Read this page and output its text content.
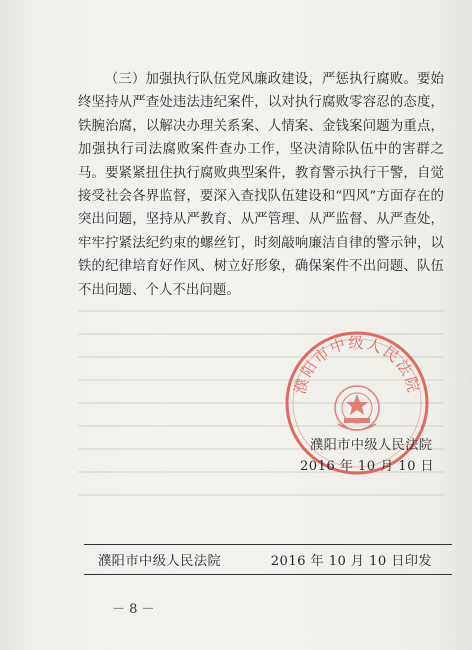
（三）加强执行队伍党风廉政建设，严惩执行腐败。要始终坚持从严查处违法违纪案件，以对执行腐败零容忍的态度，铁腕治腐，以解决办理关系案、人情案、金钱案问题为重点，加强执行司法腐败案件查办工作，坚决清除队伍中的害群之马。要紧紧扭住执行腐败典型案件，教育警示执行干警，自觉接受社会各界监督，要深入查找队伍建设和“四风”方面存在的突出问题，坚持从严教育、从严管理、从严监督、从严查处，牢牢拧紧法纪约束的螺丝钉，时刻敲响廉洁自律的警示钟，以铁的纪律培育好作风、树立好形象，确保案件不出问题、队伍不出问题、个人不出问题。

濮阳市中级人民法院
濮阳市中级人民法院
2016 年 10 月 10 日
濮阳市中级人民法院	2016 年 10 月 10 日印发
－ 8 －
